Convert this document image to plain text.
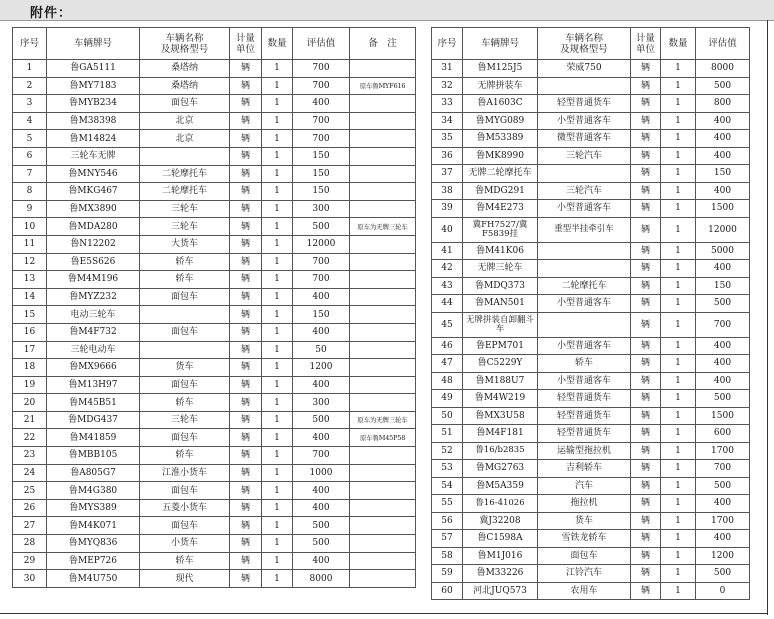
附件：
序号	车辆牌号	车辆名称
及规格型号	计量
单位	数量	评估值	备　注
1	鲁GA5111	桑塔纳	辆	1	700	
2	鲁MY7183	桑塔纳	辆	1	700	原车鲁MYF616
3	鲁MYB234	面包车	辆	1	400	
4	鲁M38398	北京	辆	1	700	
5	鲁M14824	北京	辆	1	700	
6	三轮车无牌		辆	1	150	
7	鲁MNY546	二轮摩托车	辆	1	150	
8	鲁MKG467	二轮摩托车	辆	1	150	
9	鲁MX3890	三轮车	辆	1	300	
10	鲁MDA280	三轮车	辆	1	500	原车为无牌三轮车
11	鲁N12202	大货车	辆	1	12000	
12	鲁E5S626	轿车	辆	1	700	
13	鲁M4M196	轿车	辆	1	700	
14	鲁MYZ232	面包车	辆	1	400	
15	电动三轮车		辆	1	150	
16	鲁M4F732	面包车	辆	1	400	
17	三轮电动车		辆	1	50	
18	鲁MX9666	货车	辆	1	1200	
19	鲁M13H97	面包车	辆	1	400	
20	鲁M45B51	轿车	辆	1	300	
21	鲁MDG437	三轮车	辆	1	500	原车为无牌三轮车
22	鲁M41859	面包车	辆	1	400	原车鲁M45P58
23	鲁MBB105	轿车	辆	1	700	
24	鲁A805G7	江淮小货车	辆	1	1000	
25	鲁M4G380	面包车	辆	1	400	
26	鲁MYS389	五菱小货车	辆	1	400	
27	鲁M4K071	面包车	辆	1	500	
28	鲁MYQ836	小货车	辆	1	500	
29	鲁MEP726	轿车	辆	1	400	
30	鲁M4U750	现代	辆	1	8000	
序号	车辆牌号	车辆名称
及规格型号	计量
单位	数量	评估值
31	鲁M125J5	荣威750	辆	1	8000
32	无牌拼装车		辆	1	500
33	鲁A1603C	轻型普通货车	辆	1	800
34	鲁MYG089	小型普通客车	辆	1	400
35	鲁M53389	微型普通客车	辆	1	400
36	鲁MK8990	三轮汽车	辆	1	400
37	无牌二轮摩托车		辆	1	150
38	鲁MDG291	三轮汽车	辆	1	400
39	鲁M4E273	小型普通客车	辆	1	1500
40	冀FH7527/冀F5839挂	重型半挂牵引车	辆	1	12000
41	鲁M41K06		辆	1	5000
42	无牌三轮车		辆	1	400
43	鲁MDQ373	二轮摩托车	辆	1	150
44	鲁MAN501	小型普通客车	辆	1	500
45	无牌拼装自卸翻斗车		辆	1	700
46	鲁EPM701	小型普通客车	辆	1	400
47	鲁C5229Y	轿车	辆	1	400
48	鲁M188U7	小型普通客车	辆	1	400
49	鲁M4W219	轻型普通货车	辆	1	500
50	鲁MX3U58	轻型普通货车	辆	1	1500
51	鲁M4F181	轻型普通货车	辆	1	600
52	鲁16/b2835	运输型拖拉机	辆	1	1700
53	鲁MG2763	吉利轿车	辆	1	700
54	鲁M5A359	汽车	辆	1	500
55	鲁16-41026	拖拉机	辆	1	400
56	冀J32208	货车	辆	1	1700
57	鲁C1598A	雪铁龙轿车	辆	1	400
58	鲁M1J016	面包车	辆	1	1200
59	鲁M33226	江铃汽车	辆	1	500
60	河北JUQ573	农用车	辆	1	0
